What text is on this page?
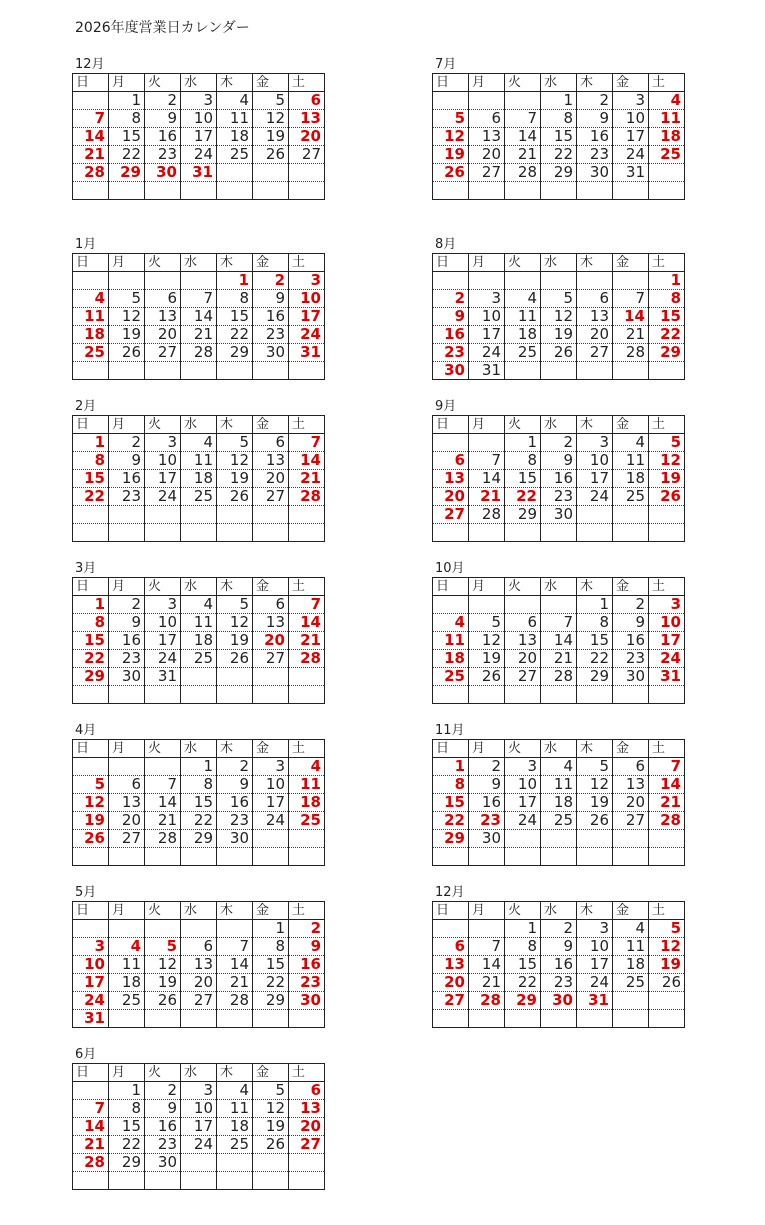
2026年度営業日カレンダー
12月
日	月	火	水	木	金	土
	1	2	3	4	5	6
7	8	9	10	11	12	13
14	15	16	17	18	19	20
21	22	23	24	25	26	27
28	29	30	31			

1月
日	月	火	水	木	金	土
				1	2	3
4	5	6	7	8	9	10
11	12	13	14	15	16	17
18	19	20	21	22	23	24
25	26	27	28	29	30	31

2月
日	月	火	水	木	金	土
1	2	3	4	5	6	7
8	9	10	11	12	13	14
15	16	17	18	19	20	21
22	23	24	25	26	27	28

3月
日	月	火	水	木	金	土
1	2	3	4	5	6	7
8	9	10	11	12	13	14
15	16	17	18	19	20	21
22	23	24	25	26	27	28
29	30	31				

4月
日	月	火	水	木	金	土
			1	2	3	4
5	6	7	8	9	10	11
12	13	14	15	16	17	18
19	20	21	22	23	24	25
26	27	28	29	30		

5月
日	月	火	水	木	金	土
					1	2
3	4	5	6	7	8	9
10	11	12	13	14	15	16
17	18	19	20	21	22	23
24	25	26	27	28	29	30
31						
6月
日	月	火	水	木	金	土
	1	2	3	4	5	6
7	8	9	10	11	12	13
14	15	16	17	18	19	20
21	22	23	24	25	26	27
28	29	30				

7月
日	月	火	水	木	金	土
			1	2	3	4
5	6	7	8	9	10	11
12	13	14	15	16	17	18
19	20	21	22	23	24	25
26	27	28	29	30	31	

8月
日	月	火	水	木	金	土
						1
2	3	4	5	6	7	8
9	10	11	12	13	14	15
16	17	18	19	20	21	22
23	24	25	26	27	28	29
30	31					
9月
日	月	火	水	木	金	土
		1	2	3	4	5
6	7	8	9	10	11	12
13	14	15	16	17	18	19
20	21	22	23	24	25	26
27	28	29	30			

10月
日	月	火	水	木	金	土
				1	2	3
4	5	6	7	8	9	10
11	12	13	14	15	16	17
18	19	20	21	22	23	24
25	26	27	28	29	30	31

11月
日	月	火	水	木	金	土
1	2	3	4	5	6	7
8	9	10	11	12	13	14
15	16	17	18	19	20	21
22	23	24	25	26	27	28
29	30					

12月
日	月	火	水	木	金	土
		1	2	3	4	5
6	7	8	9	10	11	12
13	14	15	16	17	18	19
20	21	22	23	24	25	26
27	28	29	30	31		
